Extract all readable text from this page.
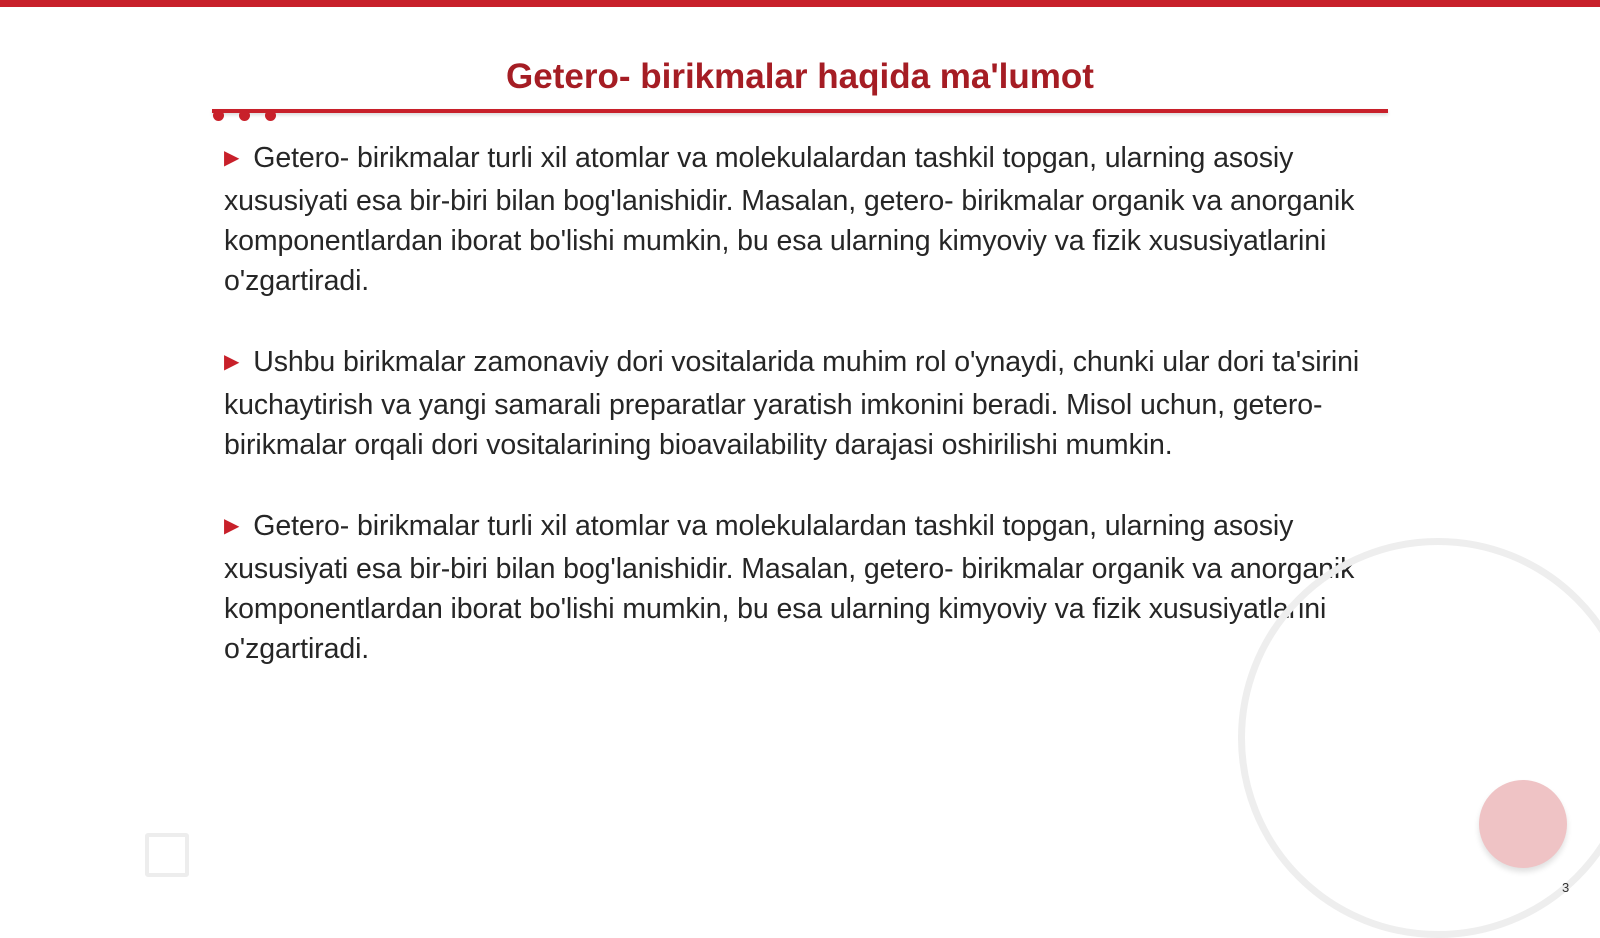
Getero- birikmalar haqida ma'lumot

▶ Getero- birikmalar turli xil atomlar va molekulalardan tashkil topgan, ularning asosiy xususiyati esa bir-biri bilan bog'lanishidir. Masalan, getero- birikmalar organik va anorganik komponentlardan iborat bo'lishi mumkin, bu esa ularning kimyoviy va fizik xususiyatlarini o'zgartiradi.

▶ Ushbu birikmalar zamonaviy dori vositalarida muhim rol o'ynaydi, chunki ular dori ta'sirini kuchaytirish va yangi samarali preparatlar yaratish imkonini beradi. Misol uchun, getero- birikmalar orqali dori vositalarining bioavailability darajasi oshirilishi mumkin.

▶ Getero- birikmalar turli xil atomlar va molekulalardan tashkil topgan, ularning asosiy xususiyati esa bir-biri bilan bog'lanishidir. Masalan, getero- birikmalar organik va anorganik komponentlardan iborat bo'lishi mumkin, bu esa ularning kimyoviy va fizik xususiyatlarini o'zgartiradi.

3
